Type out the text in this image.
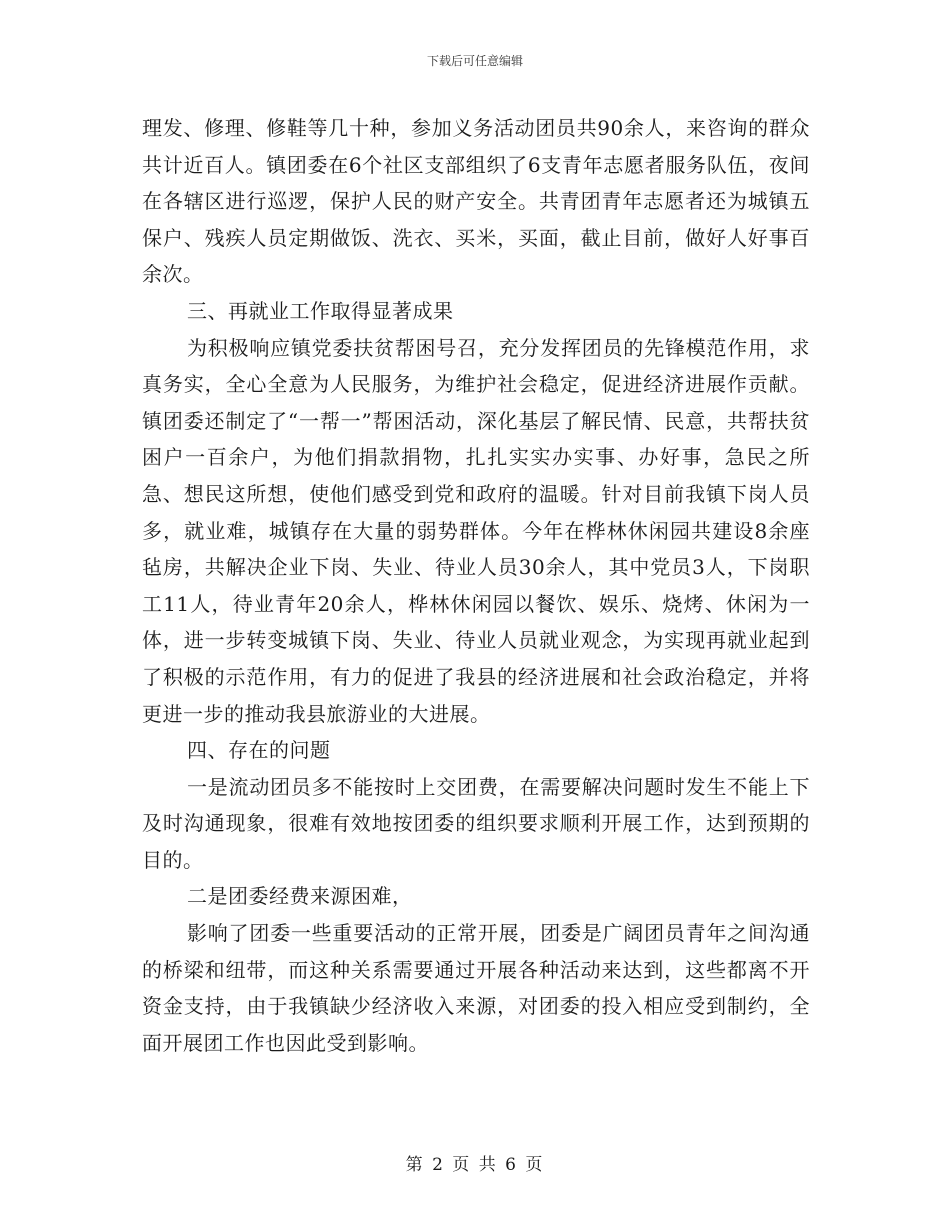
下载后可任意编辑

理发、修理、修鞋等几十种，参加义务活动团员共90余人，来咨询的群众共计近百人。镇团委在6个社区支部组织了6支青年志愿者服务队伍，夜间在各辖区进行巡逻，保护人民的财产安全。共青团青年志愿者还为城镇五保户、残疾人员定期做饭、洗衣、买米，买面，截止目前，做好人好事百余次。

三、再就业工作取得显著成果

为积极响应镇党委扶贫帮困号召，充分发挥团员的先锋模范作用，求真务实，全心全意为人民服务，为维护社会稳定，促进经济进展作贡献。镇团委还制定了“一帮一”帮困活动，深化基层了解民情、民意，共帮扶贫困户一百余户，为他们捐款捐物，扎扎实实办实事、办好事，急民之所急、想民这所想，使他们感受到党和政府的温暖。针对目前我镇下岗人员多，就业难，城镇存在大量的弱势群体。今年在桦林休闲园共建设8余座毡房，共解决企业下岗、失业、待业人员30余人，其中党员3人，下岗职工11人，待业青年20余人，桦林休闲园以餐饮、娱乐、烧烤、休闲为一体，进一步转变城镇下岗、失业、待业人员就业观念，为实现再就业起到了积极的示范作用，有力的促进了我县的经济进展和社会政治稳定，并将更进一步的推动我县旅游业的大进展。

四、存在的问题

一是流动团员多不能按时上交团费，在需要解决问题时发生不能上下及时沟通现象，很难有效地按团委的组织要求顺利开展工作，达到预期的目的。

二是团委经费来源困难，

影响了团委一些重要活动的正常开展，团委是广阔团员青年之间沟通的桥梁和纽带，而这种关系需要通过开展各种活动来达到，这些都离不开资金支持，由于我镇缺少经济收入来源，对团委的投入相应受到制约，全面开展团工作也因此受到影响。

第 2 页 共 6 页
